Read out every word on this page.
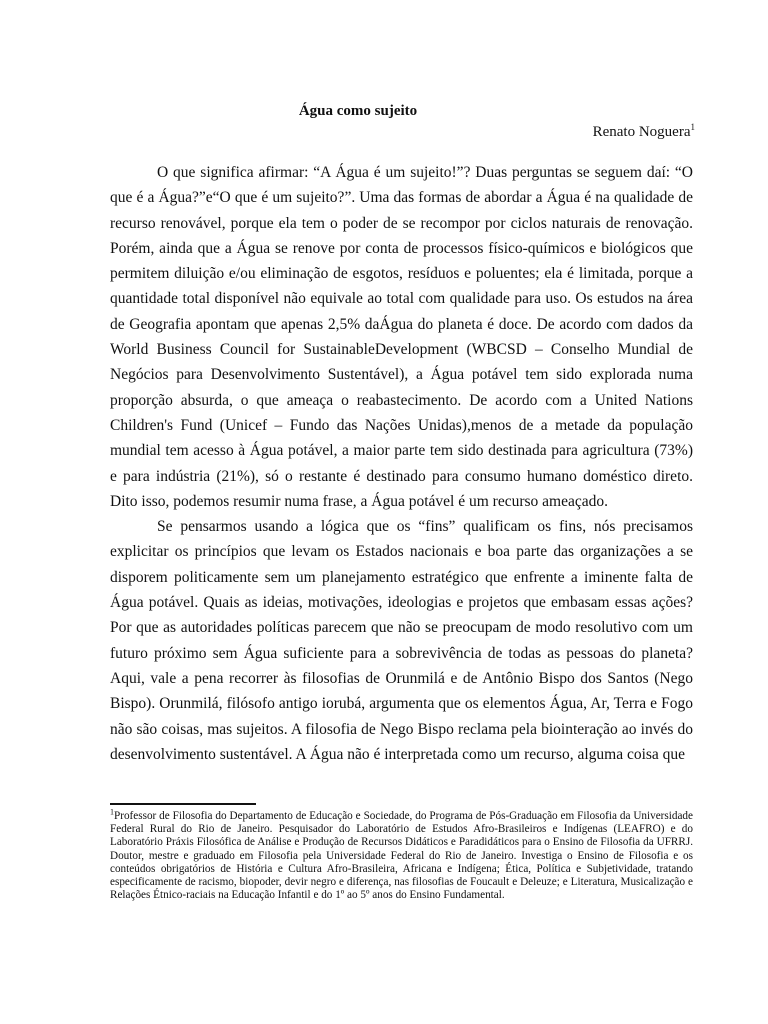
Água como sujeito
Renato Noguera$^1$

O que significa afirmar: “A Água é um sujeito!”? Duas perguntas se seguem daí: “O que é a Água?”e“O que é um sujeito?”. Uma das formas de abordar a Água é na qualidade de recurso renovável, porque ela tem o poder de se recompor por ciclos naturais de renovação. Porém, ainda que a Água se renove por conta de processos físico-químicos e biológicos que permitem diluição e/ou eliminação de esgotos, resíduos e poluentes; ela é limitada, porque a quantidade total disponível não equivale ao total com qualidade para uso. Os estudos na área de Geografia apontam que apenas 2,5% daÁgua do planeta é doce. De acordo com dados da World Business Council for SustainableDevelopment (WBCSD – Conselho Mundial de Negócios para Desenvolvimento Sustentável), a Água potável tem sido explorada numa proporção absurda, o que ameaça o reabastecimento. De acordo com a United Nations Children's Fund (Unicef – Fundo das Nações Unidas),menos de a metade da população mundial tem acesso à Água potável, a maior parte tem sido destinada para agricultura (73%) e para indústria (21%), só o restante é destinado para consumo humano doméstico direto. Dito isso, podemos resumir numa frase, a Água potável é um recurso ameaçado.

Se pensarmos usando a lógica que os “fins” qualificam os fins, nós precisamos explicitar os princípios que levam os Estados nacionais e boa parte das organizações a se disporem politicamente sem um planejamento estratégico que enfrente a iminente falta de Água potável. Quais as ideias, motivações, ideologias e projetos que embasam essas ações? Por que as autoridades políticas parecem que não se preocupam de modo resolutivo com um futuro próximo sem Água suficiente para a sobrevivência de todas as pessoas do planeta? Aqui, vale a pena recorrer às filosofias de Orunmilá e de Antônio Bispo dos Santos (Nego Bispo). Orunmilá, filósofo antigo iorubá, argumenta que os elementos Água, Ar, Terra e Fogo não são coisas, mas sujeitos. A filosofia de Nego Bispo reclama pela biointeração ao invés do desenvolvimento sustentável. A Água não é interpretada como um recurso, alguma coisa que

$^1$Professor de Filosofia do Departamento de Educação e Sociedade, do Programa de Pós-Graduação em Filosofia da Universidade Federal Rural do Rio de Janeiro. Pesquisador do Laboratório de Estudos Afro-Brasileiros e Indígenas (LEAFRO) e do Laboratório Práxis Filosófica de Análise e Produção de Recursos Didáticos e Paradidáticos para o Ensino de Filosofia da UFRRJ. Doutor, mestre e graduado em Filosofia pela Universidade Federal do Rio de Janeiro. Investiga o Ensino de Filosofia e os conteúdos obrigatórios de História e Cultura Afro-Brasileira, Africana e Indígena; Ética, Política e Subjetividade, tratando especificamente de racismo, biopoder, devir negro e diferença, nas filosofias de Foucault e Deleuze; e Literatura, Musicalização e Relações Étnico-raciais na Educação Infantil e do 1º ao 5º anos do Ensino Fundamental.
